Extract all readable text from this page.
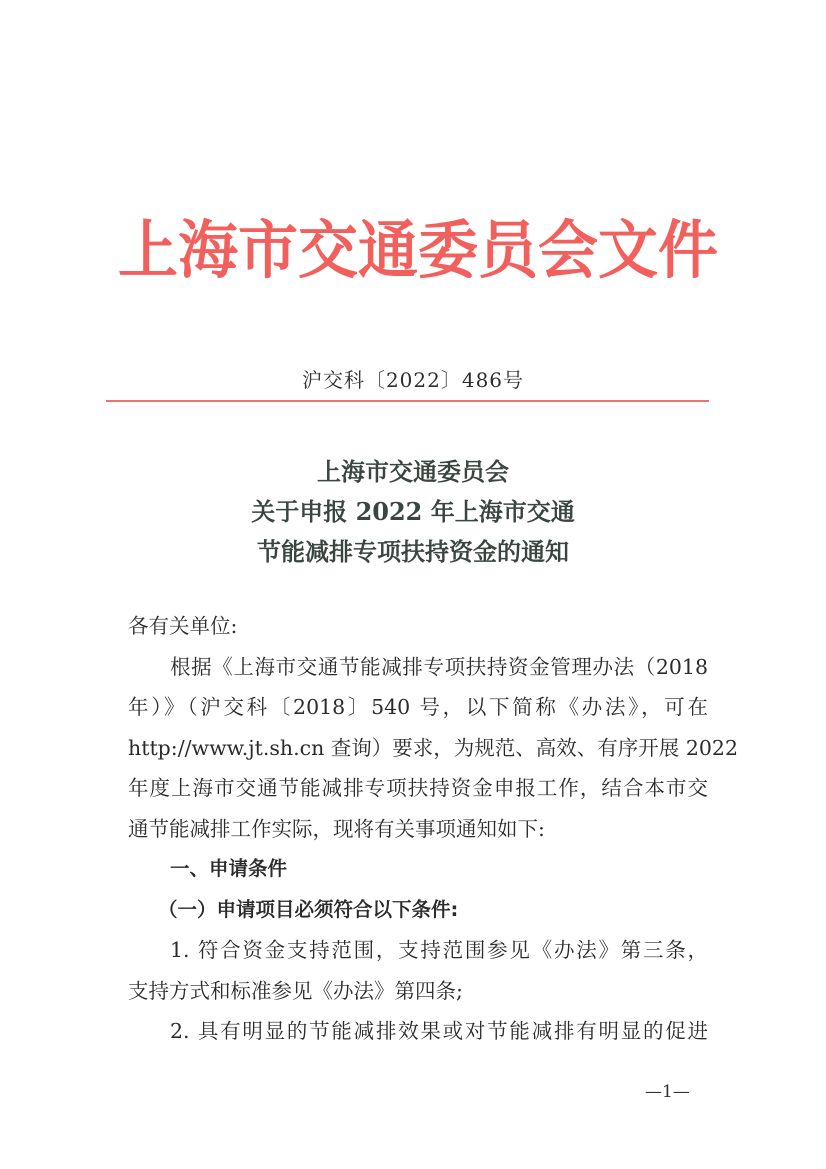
上 海 市 交 通 委 员 会 文 件
沪交科〔2022〕486号
上海市交通委员会
关于申报 2022 年上海市交通
节能减排专项扶持资金的通知
各有关单位:
根据《上海市交通节能减排专项扶持资金管理办法（2018
年）》（沪交科〔2018〕540 号，以下简称《办法》，可在
http://www.jt.sh.cn 查询）要求，为规范、高效、有序开展 2022
年度上海市交通节能减排专项扶持资金申报工作，结合本市交
通节能减排工作实际，现将有关事项通知如下:
一、申请条件
（一）申请项目必须符合以下条件:
1. 符合资金支持范围，支持范围参见《办法》第三条，
支持方式和标准参见《办法》第四条;
2. 具有明显的节能减排效果或对节能减排有明显的促进
—1—
